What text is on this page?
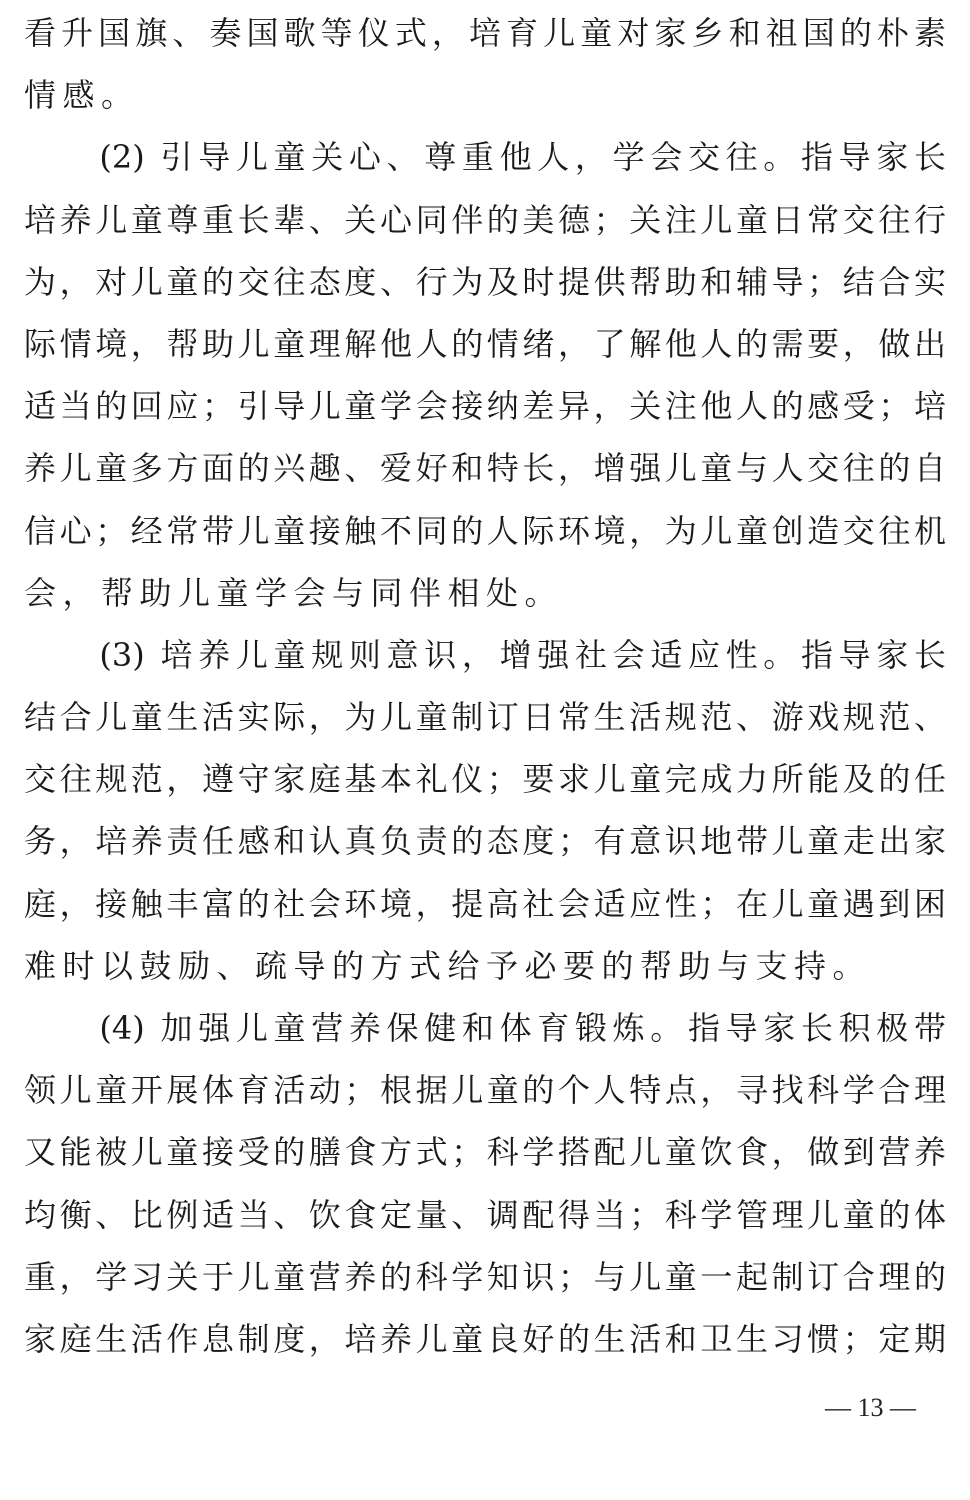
看升国旗、奏国歌等仪式，培育儿童对家乡和祖国的朴素
情感。
　　(2) 引导儿童关心、尊重他人，学会交往。指导家长
培养儿童尊重长辈、关心同伴的美德；关注儿童日常交往行
为，对儿童的交往态度、行为及时提供帮助和辅导；结合实
际情境，帮助儿童理解他人的情绪，了解他人的需要，做出
适当的回应；引导儿童学会接纳差异，关注他人的感受；培
养儿童多方面的兴趣、爱好和特长，增强儿童与人交往的自
信心；经常带儿童接触不同的人际环境，为儿童创造交往机
会，帮助儿童学会与同伴相处。
　　(3) 培养儿童规则意识，增强社会适应性。指导家长
结合儿童生活实际，为儿童制订日常生活规范、游戏规范、
交往规范，遵守家庭基本礼仪；要求儿童完成力所能及的任
务，培养责任感和认真负责的态度；有意识地带儿童走出家
庭，接触丰富的社会环境，提高社会适应性；在儿童遇到困
难时以鼓励、疏导的方式给予必要的帮助与支持。
　　(4) 加强儿童营养保健和体育锻炼。指导家长积极带
领儿童开展体育活动；根据儿童的个人特点，寻找科学合理
又能被儿童接受的膳食方式；科学搭配儿童饮食，做到营养
均衡、比例适当、饮食定量、调配得当；科学管理儿童的体
重，学习关于儿童营养的科学知识；与儿童一起制订合理的
家庭生活作息制度，培养儿童良好的生活和卫生习惯；定期
— 13 —
